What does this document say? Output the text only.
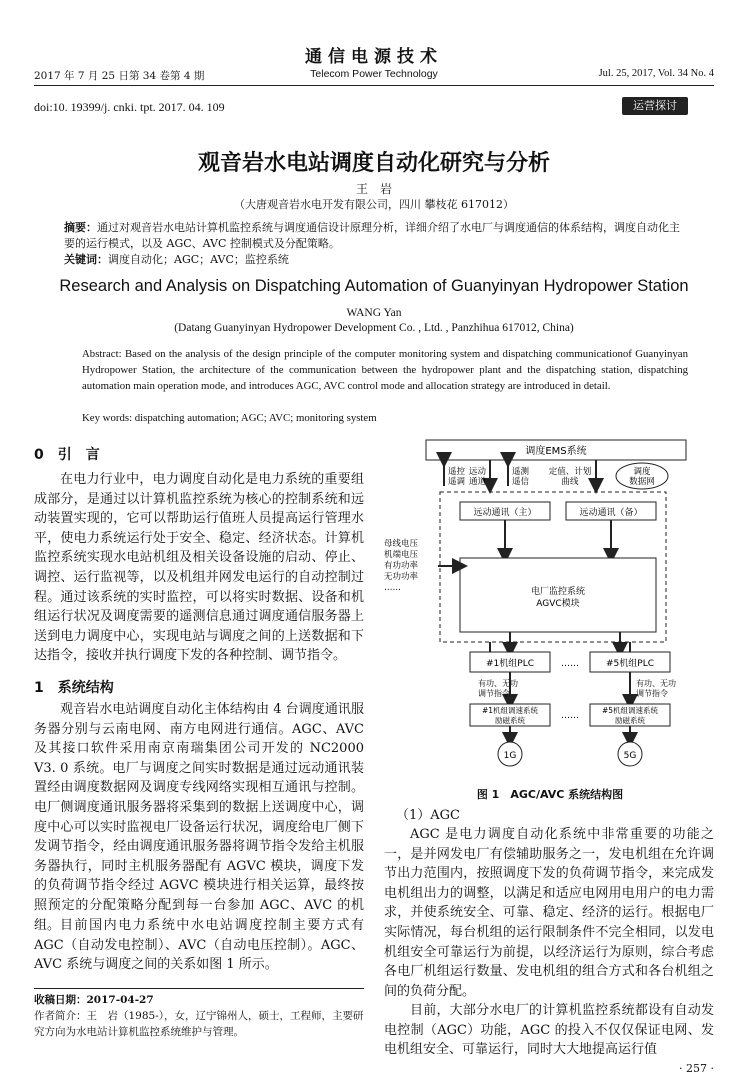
通信电源技术
2017 年 7 月 25 日第 34 卷第 4 期	Telecom Power Technology	Jul. 25, 2017, Vol. 34 No. 4
doi:10. 19399/j. cnki. tpt. 2017. 04. 109	运营探讨
观音岩水电站调度自动化研究与分析
王　岩
（大唐观音岩水电开发有限公司，四川 攀枝花 617012）
摘要：通过对观音岩水电站计算机监控系统与调度通信设计原理分析，详细介绍了水电厂与调度通信的体系结构，调度自动化主要的运行模式，以及 AGC、AVC 控制模式及分配策略。
关键词：调度自动化；AGC；AVC；监控系统
Research and Analysis on Dispatching Automation of Guanyinyan Hydropower Station
WANG Yan
(Datang Guanyinyan Hydropower Development Co. , Ltd. , Panzhihua 617012, China)
Abstract: Based on the analysis of the design principle of the computer monitoring system and dispatching communicationof Guanyinyan Hydropower Station, the architecture of the communication between the hydropower plant and the dispatching station, dispatching automation main operation mode, and introduces AGC, AVC control mode and allocation strategy are introduced in detail.
Key words: dispatching automation; AGC; AVC; monitoring system
0　引　言
在电力行业中，电力调度自动化是电力系统的重要组成部分，是通过以计算机监控系统为核心的控制系统和远动装置实现的，它可以帮助运行值班人员提高运行管理水平，使电力系统运行处于安全、稳定、经济状态。计算机监控系统实现水电站机组及相关设备设施的启动、停止、调控、运行监视等，以及机组并网发电运行的自动控制过程。通过该系统的实时监控，可以将实时数据、设备和机组运行状况及调度需要的遥测信息通过调度通信服务器上送到电力调度中心，实现电站与调度之间的上送数据和下达指令，接收并执行调度下发的各种控制、调节指令。
1　系统结构
观音岩水电站调度自动化主体结构由 4 台调度通讯服务器分别与云南电网、南方电网进行通信。AGC、AVC 及其接口软件采用南京南瑞集团公司开发的 NC2000 V3. 0 系统。电厂与调度之间实时数据是通过远动通讯装置经由调度数据网及调度专线网络实现相互通讯与控制。电厂侧调度通讯服务器将采集到的数据上送调度中心，调度中心可以实时监视电厂设备运行状况，调度给电厂侧下发调节指令，经由调度通讯服务器将调节指令发给主机服务器执行，同时主机服务器配有 AGVC 模块，调度下发的负荷调节指令经过 AGVC 模块进行相关运算，最终按照预定的分配策略分配到每一台参加 AGC、AVC 的机组。 目前国内电力系统中水电站调度控制主要方式有 AGC（自动发电控制）、AVC（自动电压控制）。AGC、AVC 系统与调度之间的关系如图 1 所示。
收稿日期：2017-04-27
作者简介：王　岩（1985-），女，辽宁锦州人，硕士，工程师，主要研究方向为水电站计算机监控系统维护与管理。
调度EMS系统
遥控
遥调
远动
通道
遥测
遥信
定值、计划
曲线
调度
数据网
远动通讯（主）	远动通讯（备）
电厂监控系统
AGVC模块
母线电压
机端电压
有功功率
无功功率
……
#1机组PLC	……	#5机组PLC
有功、无功
调节指令
有功、无功
调节指令
#1机组调速系统
励磁系统	……
#5机组调速系统
励磁系统
1G	5G
图 1　AGC/AVC 系统结构图
（1）AGC
AGC 是电力调度自动化系统中非常重要的功能之一，是并网发电厂有偿辅助服务之一，发电机组在允许调节出力范围内，按照调度下发的负荷调节指令，来完成发电机组出力的调整，以满足和适应电网用电用户的电力需求，并使系统安全、可靠、稳定、经济的运行。根据电厂实际情况，每台机组的运行限制条件不完全相同，以发电机组安全可靠运行为前提，以经济运行为原则，综合考虑各电厂机组运行数量、发电机组的组合方式和各台机组之间的负荷分配。
目前，大部分水电厂的计算机监控系统都设有自动发电控制（AGC）功能，AGC 的投入不仅仅保证电网、发电机组安全、可靠运行，同时大大地提高运行值
· 257 ·
